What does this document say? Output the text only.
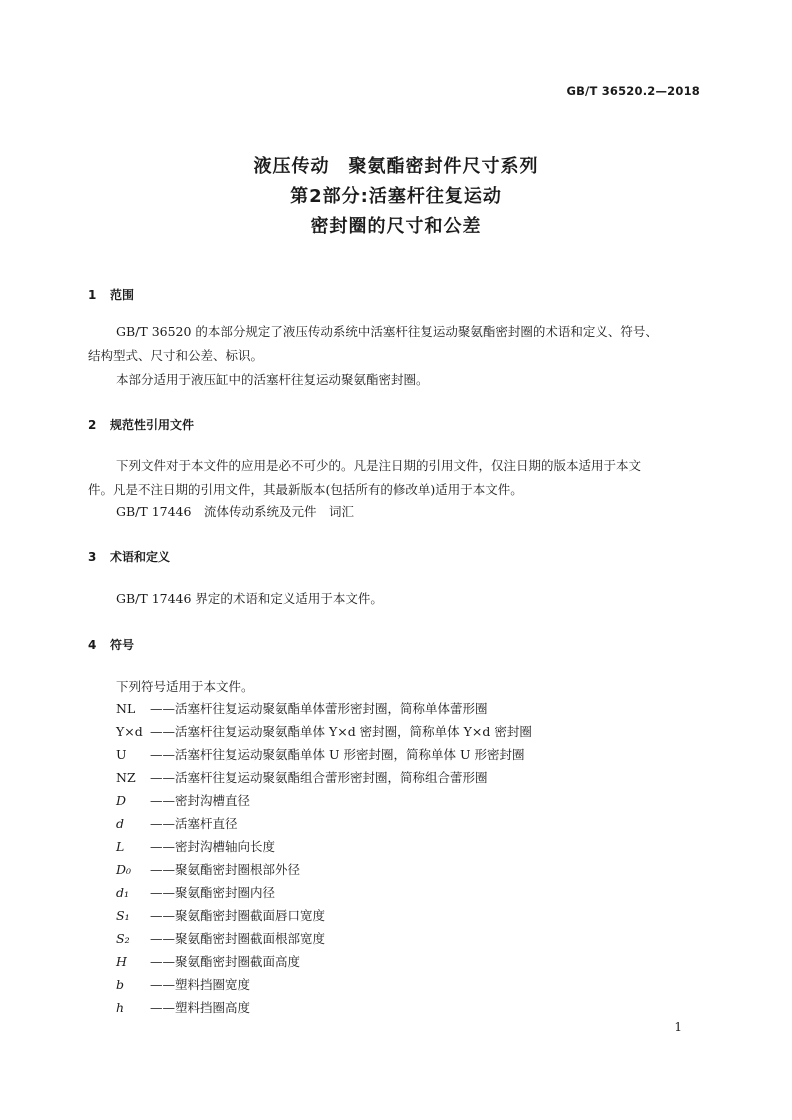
GB/T 36520.2—2018
液压传动　聚氨酯密封件尺寸系列
第2部分:活塞杆往复运动
密封圈的尺寸和公差
1 范围
GB/T 36520 的本部分规定了液压传动系统中活塞杆往复运动聚氨酯密封圈的术语和定义、符号、
结构型式、尺寸和公差、标识。
本部分适用于液压缸中的活塞杆往复运动聚氨酯密封圈。
2 规范性引用文件
下列文件对于本文件的应用是必不可少的。凡是注日期的引用文件，仅注日期的版本适用于本文
件。凡是不注日期的引用文件，其最新版本(包括所有的修改单)适用于本文件。
GB/T 17446　流体传动系统及元件　词汇
3 术语和定义
GB/T 17446 界定的术语和定义适用于本文件。
4 符号
下列符号适用于本文件。
NL	——活塞杆往复运动聚氨酯单体蕾形密封圈，简称单体蕾形圈
Y×d ——活塞杆往复运动聚氨酯单体 Y×d 密封圈，简称单体 Y×d 密封圈
U	——活塞杆往复运动聚氨酯单体 U 形密封圈，简称单体 U 形密封圈
NZ	——活塞杆往复运动聚氨酯组合蕾形密封圈，简称组合蕾形圈
D	——密封沟槽直径
d	——活塞杆直径
L	——密封沟槽轴向长度
D₀	——聚氨酯密封圈根部外径
d₁	——聚氨酯密封圈内径
S₁	——聚氨酯密封圈截面唇口宽度
S₂	——聚氨酯密封圈截面根部宽度
H	——聚氨酯密封圈截面高度
b	——塑料挡圈宽度
h	——塑料挡圈高度
1
